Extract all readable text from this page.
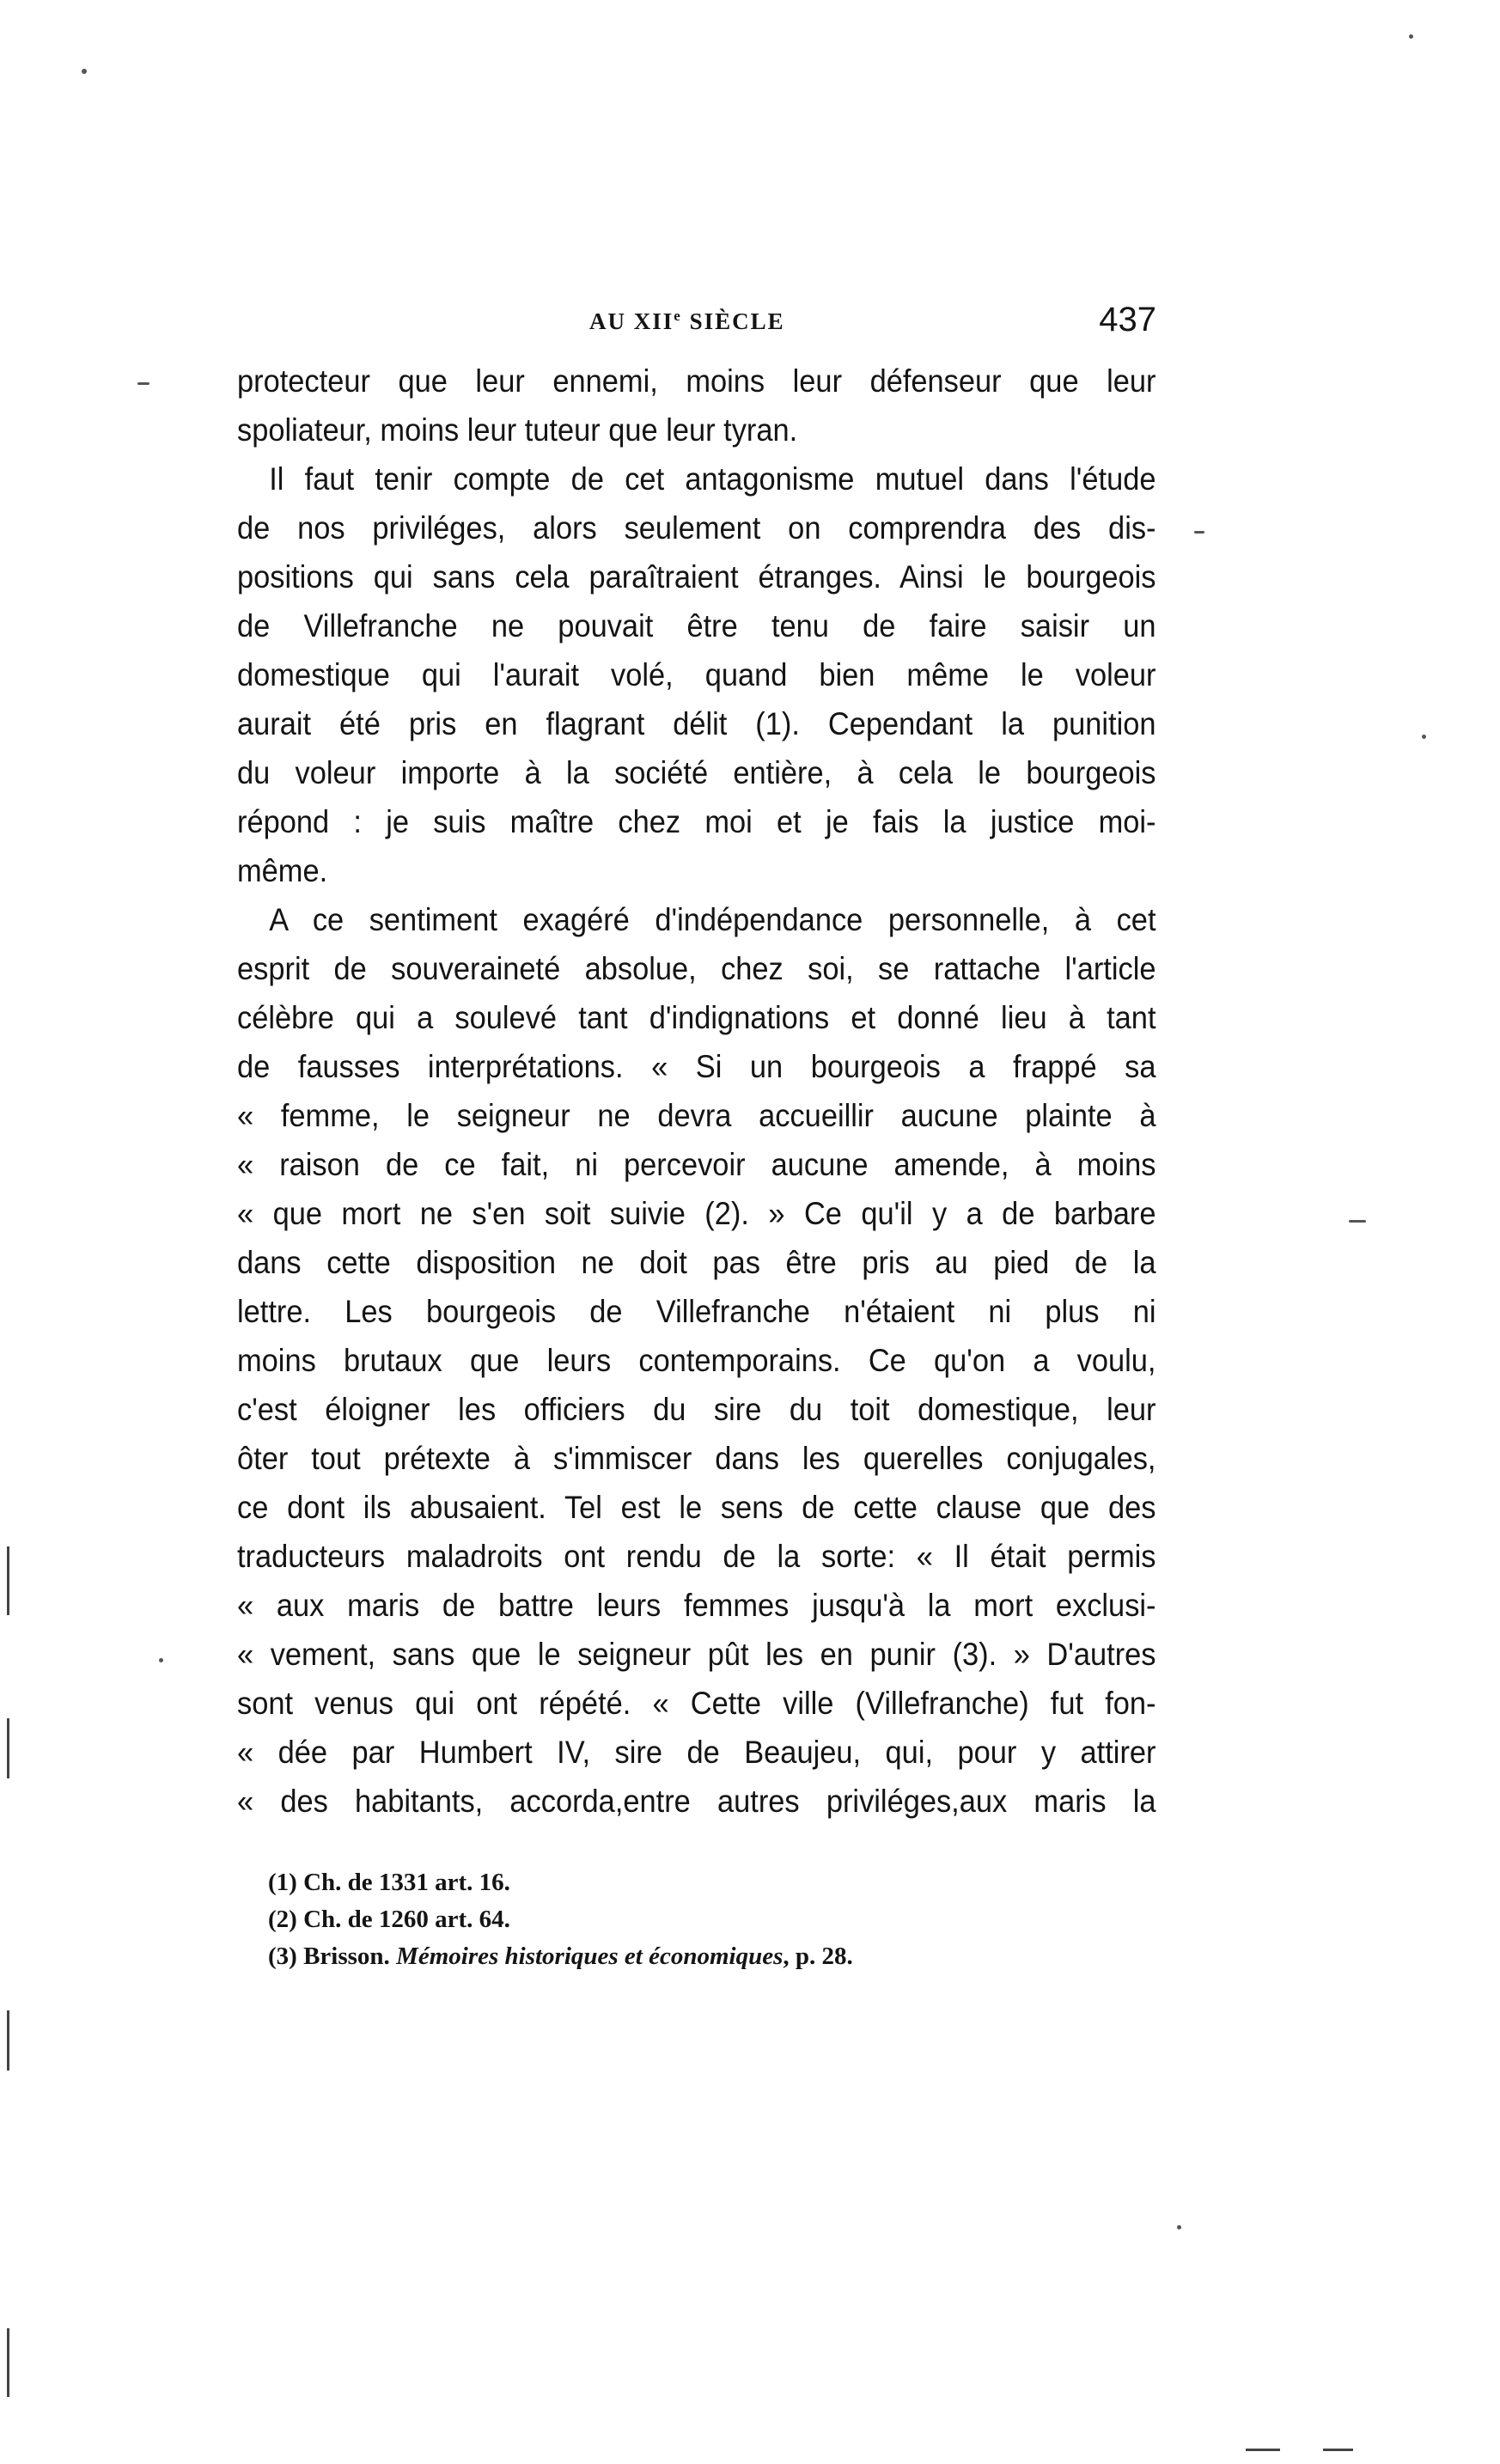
AU XIIe SIÈCLE	437
protecteur que leur ennemi, moins leur défenseur que leur
spoliateur, moins leur tuteur que leur tyran.
Il faut tenir compte de cet antagonisme mutuel dans l'étude
de nos priviléges, alors seulement on comprendra des dis-
positions qui sans cela paraîtraient étranges. Ainsi le bourgeois
de Villefranche ne pouvait être tenu de faire saisir un
domestique qui l'aurait volé, quand bien même le voleur
aurait été pris en flagrant délit (1). Cependant la punition
du voleur importe à la société entière, à cela le bourgeois
répond : je suis maître chez moi et je fais la justice moi-
même.
A ce sentiment exagéré d'indépendance personnelle, à cet
esprit de souveraineté absolue, chez soi, se rattache l'article
célèbre qui a soulevé tant d'indignations et donné lieu à tant
de fausses interprétations. « Si un bourgeois a frappé sa
« femme, le seigneur ne devra accueillir aucune plainte à
« raison de ce fait, ni percevoir aucune amende, à moins
« que mort ne s'en soit suivie (2). » Ce qu'il y a de barbare
dans cette disposition ne doit pas être pris au pied de la
lettre. Les bourgeois de Villefranche n'étaient ni plus ni
moins brutaux que leurs contemporains. Ce qu'on a voulu,
c'est éloigner les officiers du sire du toit domestique, leur
ôter tout prétexte à s'immiscer dans les querelles conjugales,
ce dont ils abusaient. Tel est le sens de cette clause que des
traducteurs maladroits ont rendu de la sorte: « Il était permis
« aux maris de battre leurs femmes jusqu'à la mort exclusi-
« vement, sans que le seigneur pût les en punir (3). » D'autres
sont venus qui ont répété. « Cette ville (Villefranche) fut fon-
« dée par Humbert IV, sire de Beaujeu, qui, pour y attirer
« des habitants, accorda,entre autres priviléges,aux maris la
(1) Ch. de 1331 art. 16.
(2) Ch. de 1260 art. 64.
(3) Brisson. Mémoires historiques et économiques, p. 28.
